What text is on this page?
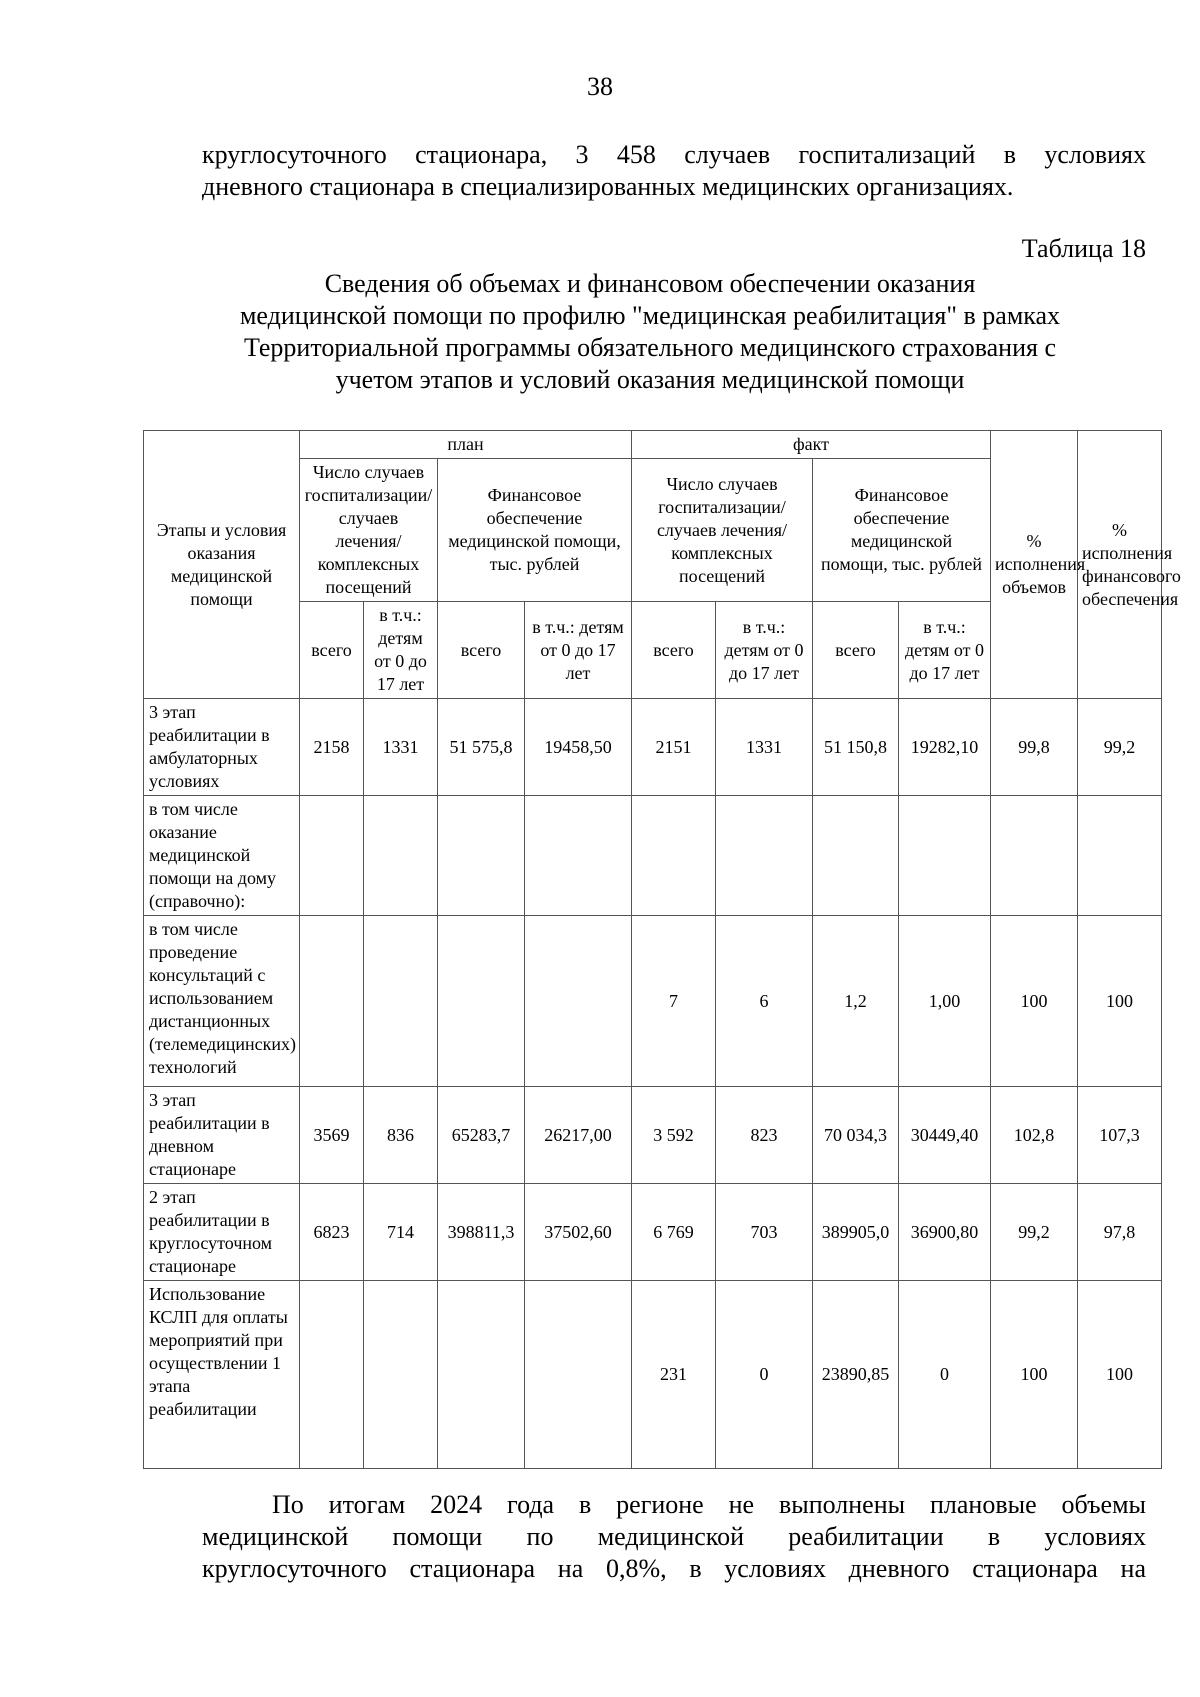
38
круглосуточного стационара, 3 458 случаев госпитализаций в условиях
дневного стационара в специализированных медицинских организациях.
Таблица 18
Сведения об объемах и финансовом обеспечении оказания
медицинской помощи по профилю "медицинская реабилитация" в рамках
Территориальной программы обязательного медицинского страхования с
учетом этапов и условий оказания медицинской помощи
Этапы и условия оказания медицинской помощи	план				факт				% исполнения объемов	% исполнения финансового обеспечения
	Число случаев госпитализации/случаев лечения/комплексных посещений		Финансовое обеспечение медицинской помощи, тыс. рублей		Число случаев госпитализации/случаев лечения/комплексных посещений		Финансовое обеспечение медицинской помощи, тыс. рублей			
	всего	в т.ч.: детям от 0 до 17 лет	всего	в т.ч.: детям от 0 до 17 лет	всего	в т.ч.: детям от 0 до 17 лет	всего	в т.ч.: детям от 0 до 17 лет		
3 этап реабилитации в амбулаторных условиях	2158	1331	51 575,8	19458,50	2151	1331	51 150,8	19282,10	99,8	99,2
в том числе оказание медицинской помощи на дому (справочно):										
в том числе проведение консультаций с использованием дистанционных (телемедицинских) технологий					7	6	1,2	1,00	100	100
3 этап реабилитации в дневном стационаре	3569	836	65283,7	26217,00	3 592	823	70 034,3	30449,40	102,8	107,3
2 этап реабилитации в круглосуточном стационаре	6823	714	398811,3	37502,60	6 769	703	389905,0	36900,80	99,2	97,8
Использование КСЛП для оплаты мероприятий при осуществлении 1 этапа реабилитации					231	0	23890,85	0	100	100
По итогам 2024 года в регионе не выполнены плановые объемы
медицинской помощи по медицинской реабилитации в условиях
круглосуточного стационара на 0,8%, в условиях дневного стационара на
